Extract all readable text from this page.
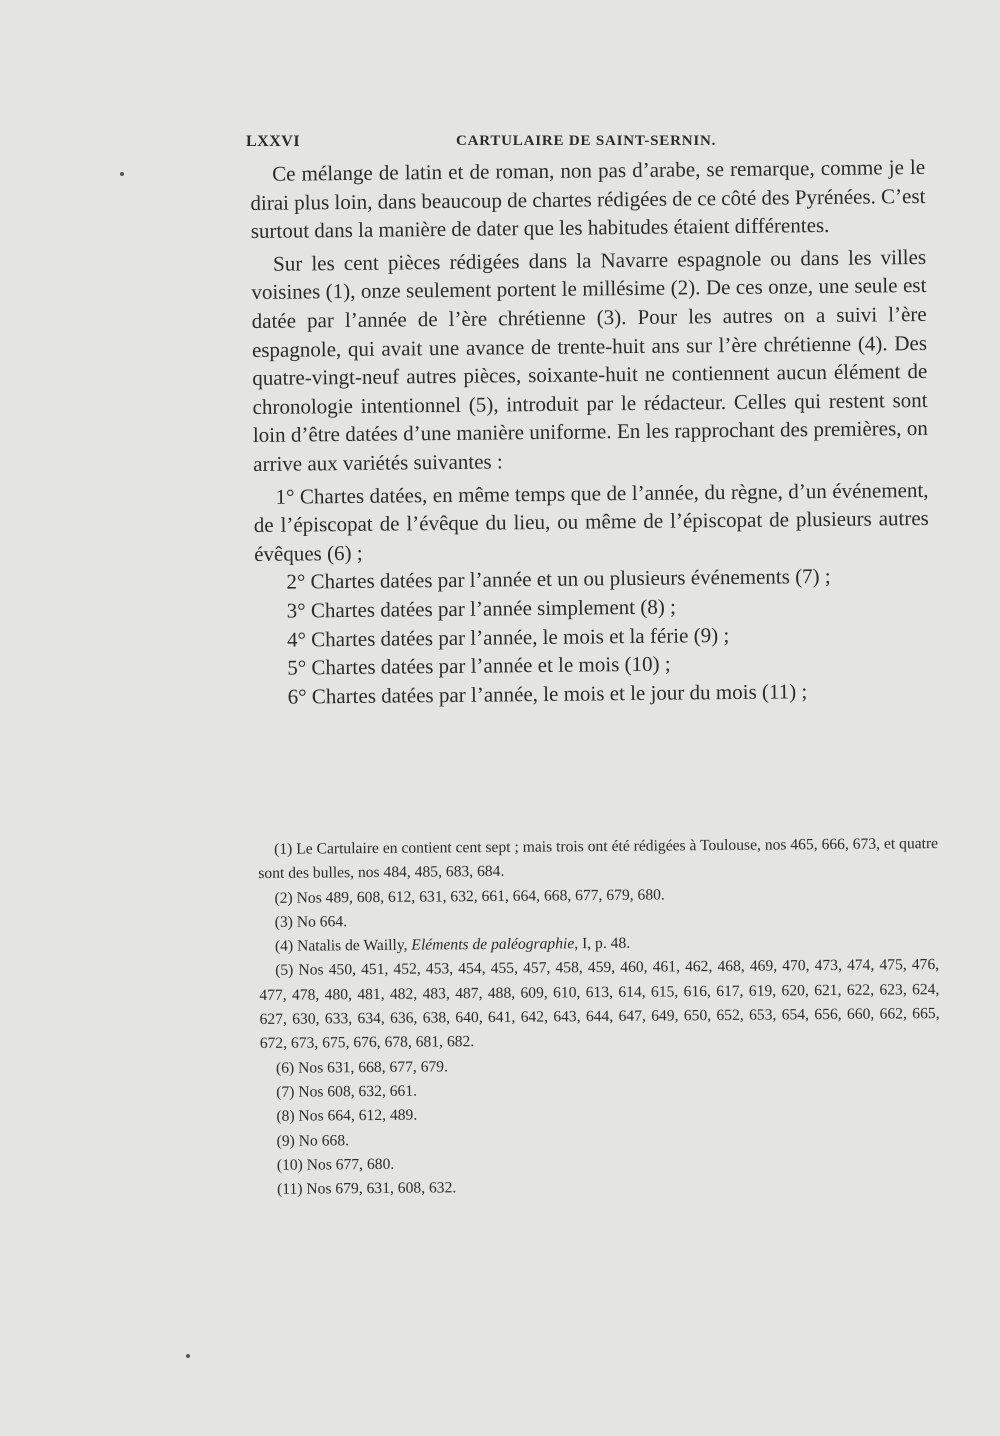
LXXVI	CARTULAIRE DE SAINT-SERNIN.

Ce mélange de latin et de roman, non pas d’arabe, se remarque, comme je le dirai plus loin, dans beaucoup de chartes rédigées de ce côté des Pyrénées. C’est surtout dans la manière de dater que les habitudes étaient différentes.

Sur les cent pièces rédigées dans la Navarre espagnole ou dans les villes voisines (1), onze seulement portent le millésime (2). De ces onze, une seule est datée par l’année de l’ère chrétienne (3). Pour les autres on a suivi l’ère espagnole, qui avait une avance de trente-huit ans sur l’ère chrétienne (4). Des quatre-vingt-neuf autres pièces, soixante-huit ne contiennent aucun élément de chronologie intentionnel (5), introduit par le rédacteur. Celles qui restent sont loin d’être datées d’une manière uniforme. En les rapprochant des premières, on arrive aux variétés suivantes :

1° Chartes datées, en même temps que de l’année, du règne, d’un événement, de l’épiscopat de l’évêque du lieu, ou même de l’épiscopat de plusieurs autres évêques (6) ;

2° Chartes datées par l’année et un ou plusieurs événements (7) ;

3° Chartes datées par l’année simplement (8) ;

4° Chartes datées par l’année, le mois et la férie (9) ;

5° Chartes datées par l’année et le mois (10) ;

6° Chartes datées par l’année, le mois et le jour du mois (11) ;

(1) Le Cartulaire en contient cent sept ; mais trois ont été rédigées à Toulouse, nos 465, 666, 673, et quatre sont des bulles, nos 484, 485, 683, 684.

(2) Nos 489, 608, 612, 631, 632, 661, 664, 668, 677, 679, 680.

(3) No 664.

(4) Natalis de Wailly, Eléments de paléographie, I, p. 48.

(5) Nos 450, 451, 452, 453, 454, 455, 457, 458, 459, 460, 461, 462, 468, 469, 470, 473, 474, 475, 476, 477, 478, 480, 481, 482, 483, 487, 488, 609, 610, 613, 614, 615, 616, 617, 619, 620, 621, 622, 623, 624, 627, 630, 633, 634, 636, 638, 640, 641, 642, 643, 644, 647, 649, 650, 652, 653, 654, 656, 660, 662, 665, 672, 673, 675, 676, 678, 681, 682.

(6) Nos 631, 668, 677, 679.

(7) Nos 608, 632, 661.

(8) Nos 664, 612, 489.

(9) No 668.

(10) Nos 677, 680.

(11) Nos 679, 631, 608, 632.
